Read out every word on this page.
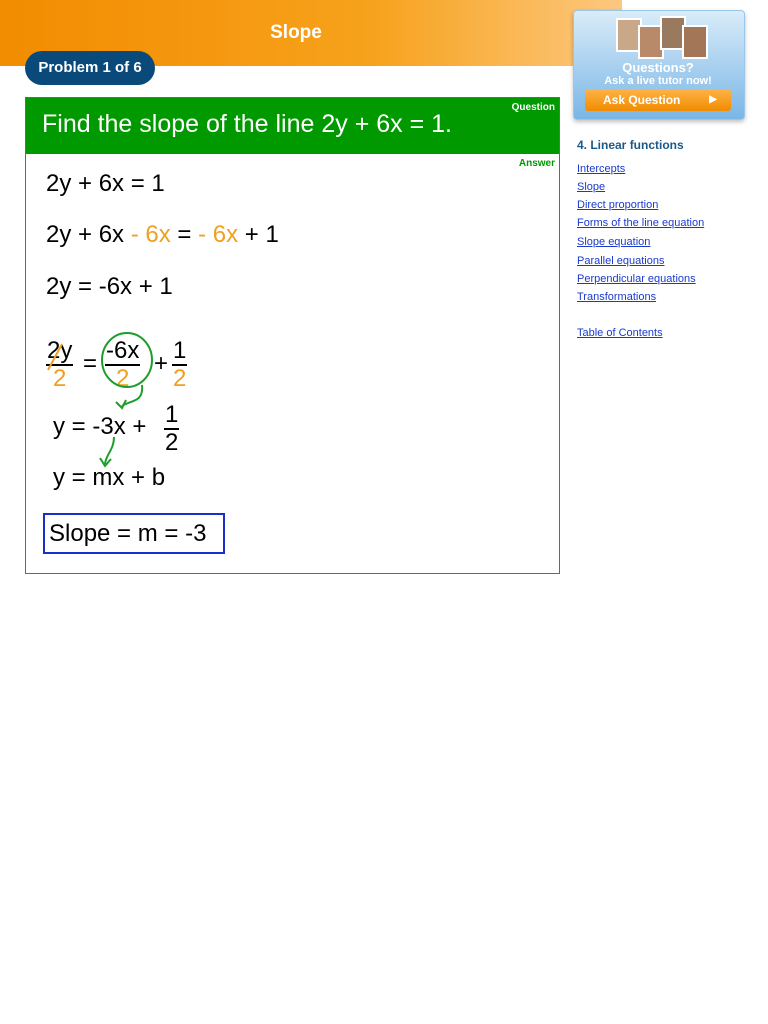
Slope
Problem 1 of 6	Questions?
Ask a live tutor now!
Ask Question	▶
Find the slope of the line 2y + 6x = 1.
Question
Answer
2y + 6x = 1
2y + 6x - 6x = - 6x + 1
2y = -6x + 1
$\frac{2y}{2} = \frac{-6x}{2} + \frac{1}{2}$
$y = -3x + \frac{1}{2}$
y = mx + b
Slope = m = -3
4. Linear functions
Intercepts
Slope
Direct proportion
Forms of the line equation
Slope equation
Parallel equations
Perpendicular equations
Transformations
Table of Contents
